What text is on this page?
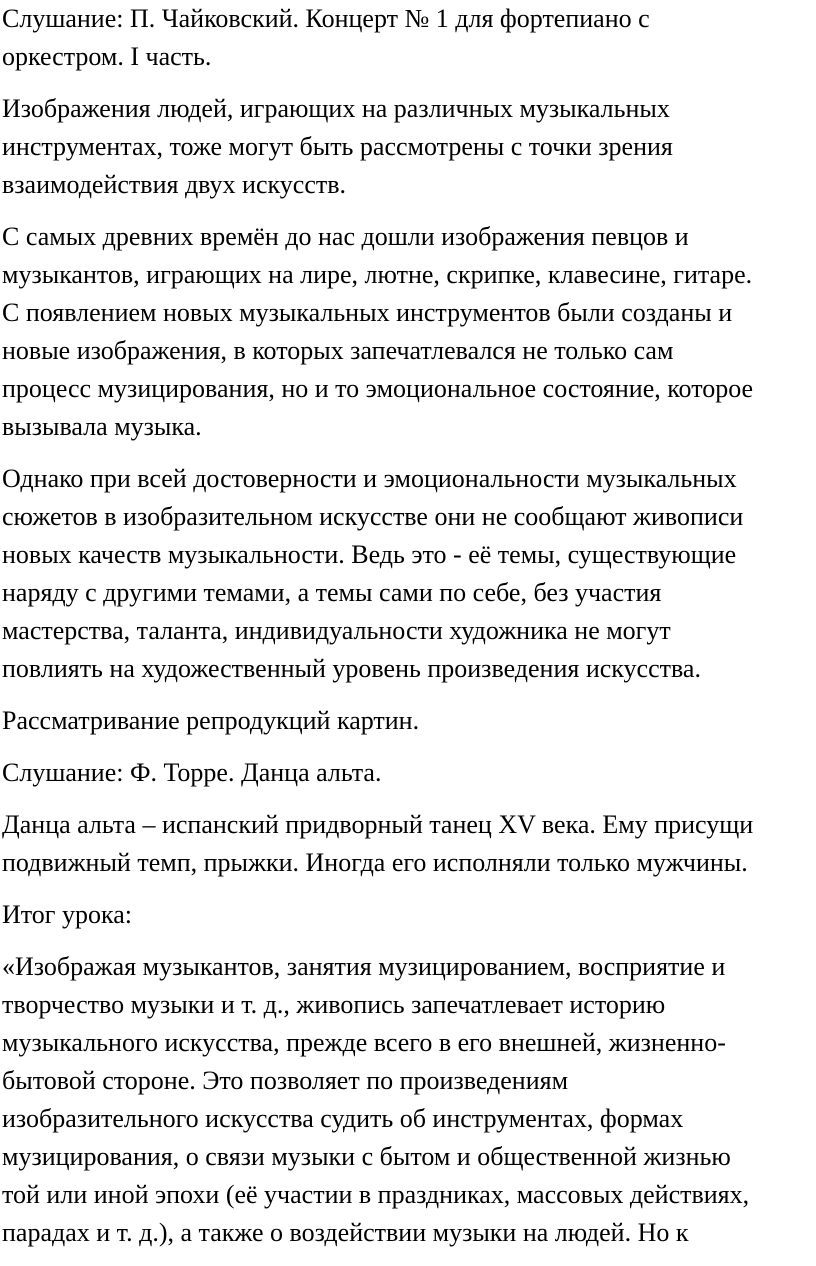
Слушание: П. Чайковский. Концерт № 1 для фортепиано с
оркестром. I часть.

Изображения людей, играющих на различных музыкальных
инструментах, тоже могут быть рассмотрены с точки зрения
взаимодействия двух искусств.

С самых древних времён до нас дошли изображения певцов и
музыкантов, играющих на лире, лютне, скрипке, клавесине, гитаре.
С появлением новых музыкальных инструментов были созданы и
новые изображения, в которых запечатлевался не только сам
процесс музицирования, но и то эмоциональное состояние, которое
вызывала музыка.

Однако при всей достоверности и эмоциональности музыкальных
сюжетов в изобразительном искусстве они не сообщают живописи
новых качеств музыкальности. Ведь это - её темы, существующие
наряду с другими темами, а темы сами по себе, без участия
мастерства, таланта, индивидуальности художника не могут
повлиять на художественный уровень произведения искусства.

Рассматривание репродукций картин.

Слушание: Ф. Торре. Данца альта.

Данца альта – испанский придворный танец XV века. Ему присущи
подвижный темп, прыжки. Иногда его исполняли только мужчины.

Итог урока:

«Изображая музыкантов, занятия музицированием, восприятие и
творчество музыки и т. д., живопись запечатлевает историю
музыкального искусства, прежде всего в его внешней, жизненно-
бытовой стороне. Это позволяет по произведениям
изобразительного искусства судить об инструментах, формах
музицирования, о связи музыки с бытом и общественной жизнью
той или иной эпохи (её участии в праздниках, массовых действиях,
парадах и т. д.), а также о воздействии музыки на людей. Но к
